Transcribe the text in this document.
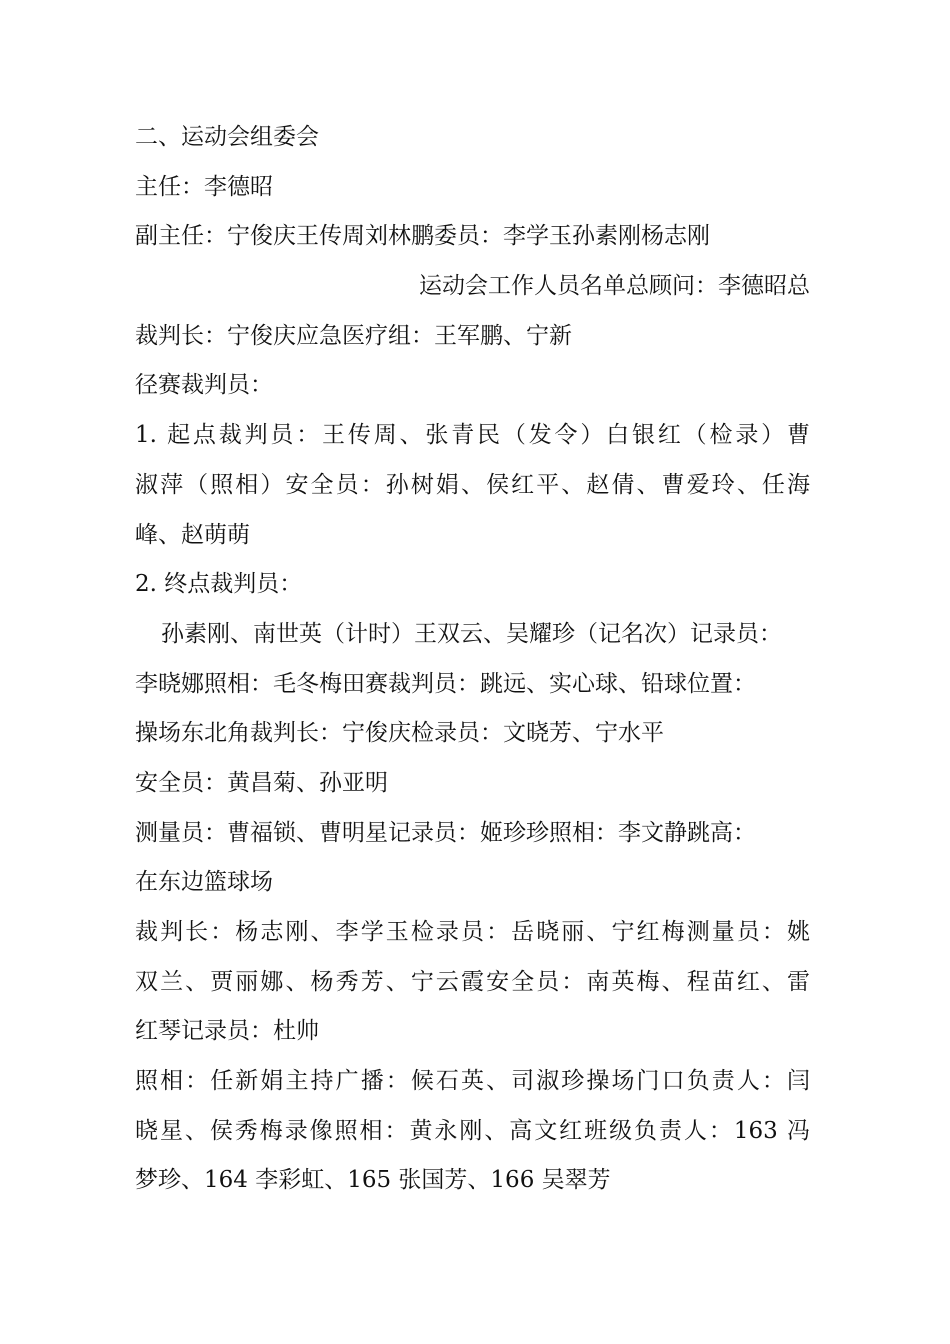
二、运动会组委会
主任：李德昭
副主任：宁俊庆王传周刘林鹏委员：李学玉孙素刚杨志刚
运动会工作人员名单总顾问：李德昭总
裁判长：宁俊庆应急医疗组：王军鹏、宁新
径赛裁判员：
1. 起点裁判员：王传周、张青民（发令）白银红（检录）曹
淑萍（照相）安全员：孙树娟、侯红平、赵倩、曹爱玲、任海
峰、赵萌萌
2. 终点裁判员：
孙素刚、南世英（计时）王双云、吴耀珍（记名次）记录员：
李晓娜照相：毛冬梅田赛裁判员：跳远、实心球、铅球位置：
操场东北角裁判长：宁俊庆检录员：文晓芳、宁水平
安全员：黄昌菊、孙亚明
测量员：曹福锁、曹明星记录员：姬珍珍照相：李文静跳高：
在东边篮球场
裁判长：杨志刚、李学玉检录员：岳晓丽、宁红梅测量员：姚
双兰、贾丽娜、杨秀芳、宁云霞安全员：南英梅、程苗红、雷
红琴记录员：杜帅
照相：任新娟主持广播：候石英、司淑珍操场门口负责人：闫
晓星、侯秀梅录像照相：黄永刚、高文红班级负责人：163 冯
梦珍、164 李彩虹、165 张国芳、166 吴翠芳
